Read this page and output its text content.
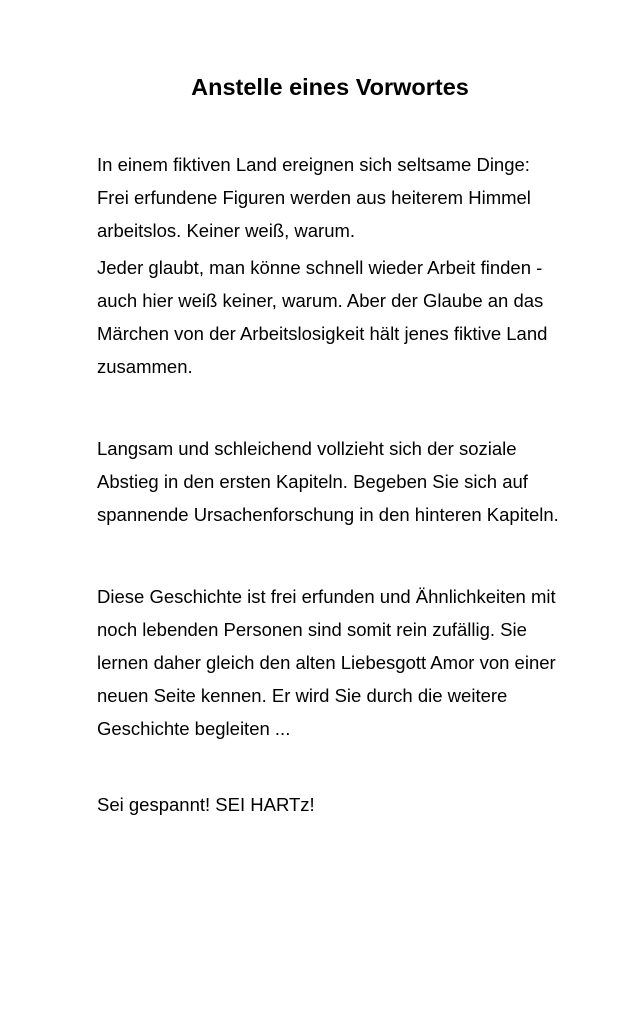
Anstelle eines Vorwortes
In einem fiktiven Land ereignen sich seltsame Dinge:
Frei erfundene Figuren werden aus heiterem Himmel
arbeitslos. Keiner weiß, warum.
Jeder glaubt, man könne schnell wieder Arbeit finden -
auch hier weiß keiner, warum. Aber der Glaube an das
Märchen von der Arbeitslosigkeit hält jenes fiktive Land
zusammen.
Langsam und schleichend vollzieht sich der soziale
Abstieg in den ersten Kapiteln. Begeben Sie sich auf
spannende Ursachenforschung in den hinteren Kapiteln.
Diese Geschichte ist frei erfunden und Ähnlichkeiten mit
noch lebenden Personen sind somit rein zufällig. Sie
lernen daher gleich den alten Liebesgott Amor von einer
neuen Seite kennen. Er wird Sie durch die weitere
Geschichte begleiten ...
Sei gespannt! SEI HARTz!
